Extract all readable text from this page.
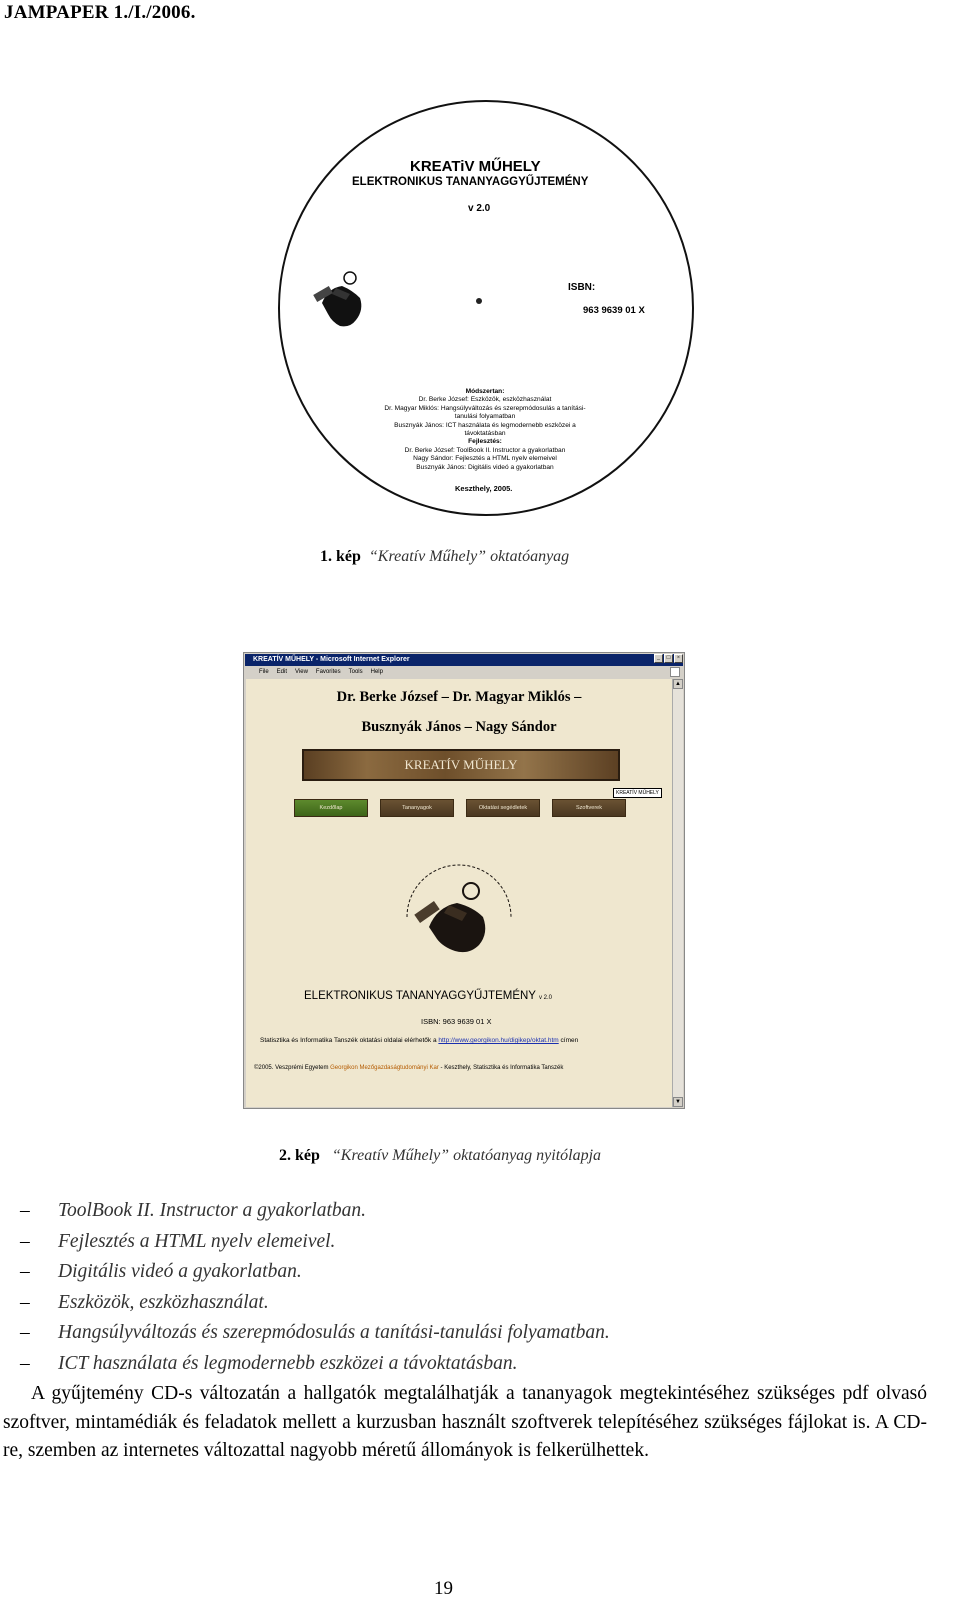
JAMPAPER 1./I./2006.
KREATiV MŰHELY
ELEKTRONIKUS TANANYAGGYŰJTEMÉNY
v 2.0
ISBN:
963 9639 01 X
Módszertan:
Dr. Berke József: Eszközök, eszközhasználat
Dr. Magyar Miklós: Hangsúlyváltozás és szerepmódosulás a tanítási-
tanulási folyamatban
Busznyák János: ICT használata és legmodernebb eszközei a
távoktatásban
Fejlesztés:
Dr. Berke József: ToolBook II. Instructor a gyakorlatban
Nagy Sándor: Fejlesztés a HTML nyelv elemeivel
Busznyák János: Digitális videó a gyakorlatban
Keszthely, 2005.
1. kép “Kreatív Műhely” oktatóanyag
KREATÍV MŰHELY - Microsoft Internet Explorer	_	□	×
File Edit View Favorites Tools Help
Dr. Berke József – Dr. Magyar Miklós –
Busznyák János – Nagy Sándor
KREATÍV MŰHELY
KREATÍV MŰHELY
Kezdőlap	Tananyagok	Oktatási segédletek	Szoftverek
ELEKTRONIKUS TANANYAGGYŰJTEMÉNY v 2.0
ISBN: 963 9639 01 X
Statisztika és Informatika Tanszék oktatási oldalai elérhetők a http://www.georgikon.hu/digikep/oktat.htm címen
©2005. Veszprémi Egyetem Georgikon Mezőgazdaságtudományi Kar - Keszthely, Statisztika és Informatika Tanszék
▲
▼
2. kép “Kreatív Műhely” oktatóanyag nyitólapja
–	ToolBook II. Instructor a gyakorlatban.
–	Fejlesztés a HTML nyelv elemeivel.
–	Digitális videó a gyakorlatban.
–	Eszközök, eszközhasználat.
–	Hangsúlyváltozás és szerepmódosulás a tanítási-tanulási folyamatban.
–	ICT használata és legmodernebb eszközei a távoktatásban.
A gyűjtemény CD-s változatán a hallgatók megtalálhatják a tananyagok megtekintéséhez szükséges pdf olvasó szoftver, mintamédiák és feladatok mellett a kurzusban használt szoftverek telepítéséhez szükséges fájlokat is. A CD-re, szemben az internetes változattal nagyobb méretű állományok is felkerülhettek.
19
